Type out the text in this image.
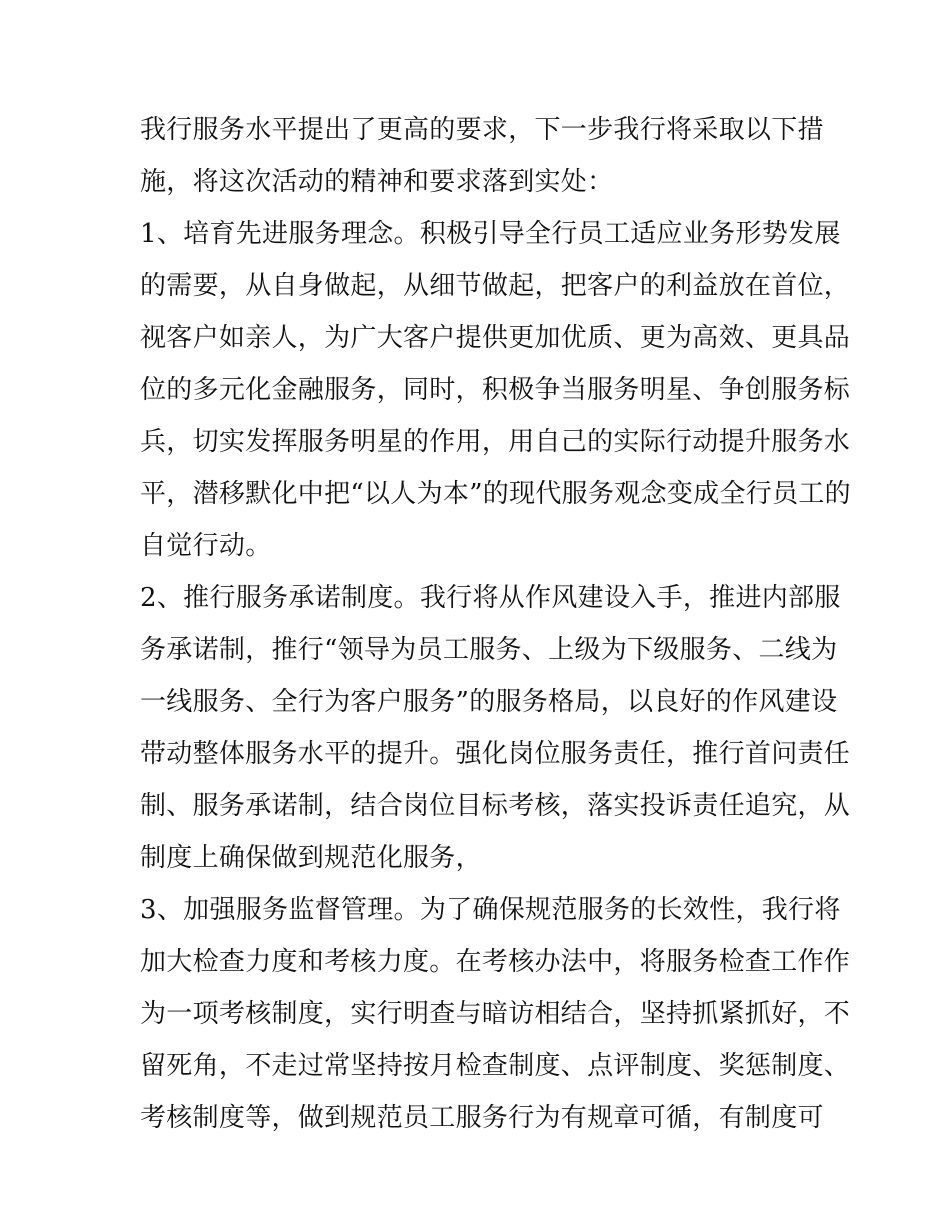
我行服务水平提出了更高的要求，下一步我行将采取以下措
施，将这次活动的精神和要求落到实处：
1、培育先进服务理念。积极引导全行员工适应业务形势发展
的需要，从自身做起，从细节做起，把客户的利益放在首位，
视客户如亲人，为广大客户提供更加优质、更为高效、更具品
位的多元化金融服务，同时，积极争当服务明星、争创服务标
兵，切实发挥服务明星的作用，用自己的实际行动提升服务水
平，潜移默化中把“以人为本”的现代服务观念变成全行员工的
自觉行动。
2、推行服务承诺制度。我行将从作风建设入手，推进内部服
务承诺制，推行“领导为员工服务、上级为下级服务、二线为
一线服务、全行为客户服务”的服务格局，以良好的作风建设
带动整体服务水平的提升。强化岗位服务责任，推行首问责任
制、服务承诺制，结合岗位目标考核，落实投诉责任追究，从
制度上确保做到规范化服务，
3、加强服务监督管理。为了确保规范服务的长效性，我行将
加大检查力度和考核力度。在考核办法中，将服务检查工作作
为一项考核制度，实行明查与暗访相结合，坚持抓紧抓好，不
留死角，不走过常坚持按月检查制度、点评制度、奖惩制度、
考核制度等，做到规范员工服务行为有规章可循，有制度可
